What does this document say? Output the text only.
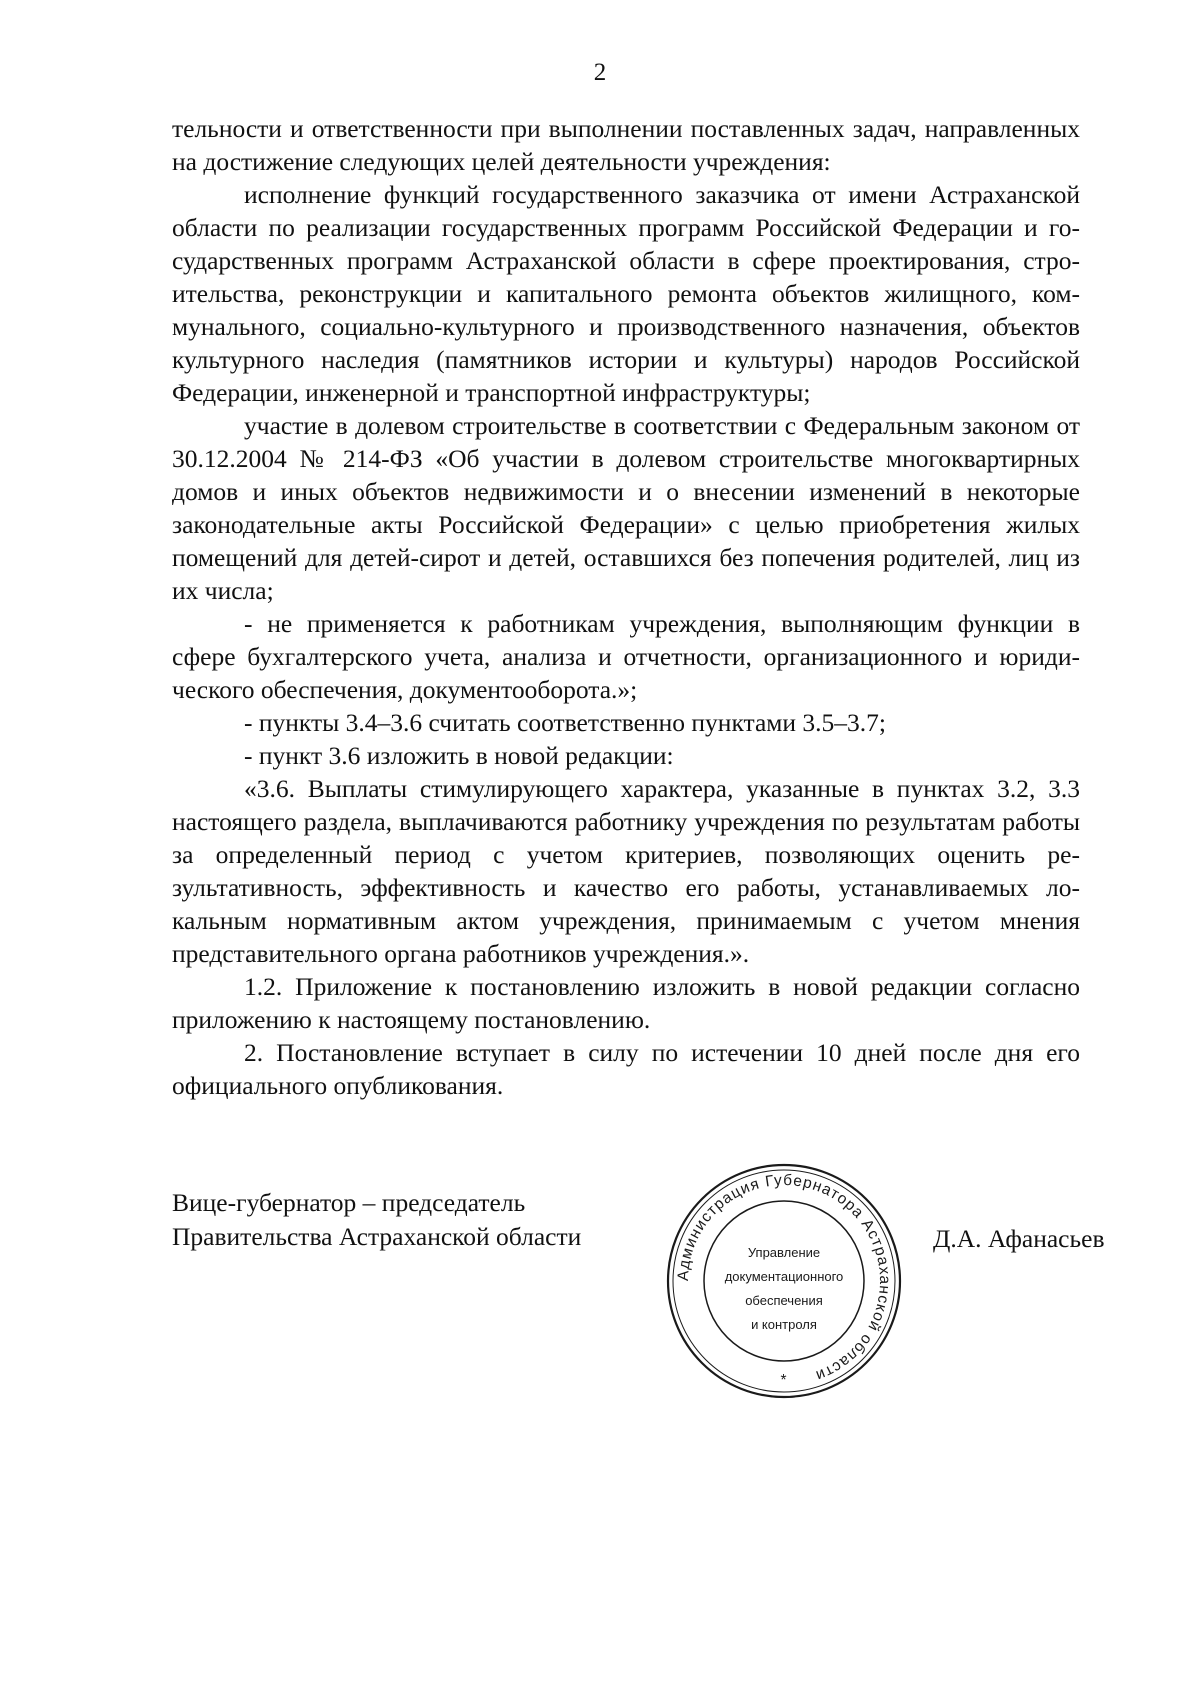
2

тельности и ответственности при выполнении поставленных задач, направленных на достижение следующих целей деятельности учреждения:

исполнение функций государственного заказчика от имени Астраханской области по реализации государственных программ Российской Федерации и государственных программ Астраханской области в сфере проектирования, строительства, реконструкции и капитального ремонта объектов жилищного, коммунального, социально-культурного и производственного назначения, объектов культурного наследия (памятников истории и культуры) народов Российской Федерации, инженерной и транспортной инфраструктуры;

участие в долевом строительстве в соответствии с Федеральным законом от 30.12.2004 № 214-ФЗ «Об участии в долевом строительстве многоквартирных домов и иных объектов недвижимости и о внесении изменений в некоторые законодательные акты Российской Федерации» с целью приобретения жилых помещений для детей-сирот и детей, оставшихся без попечения родителей, лиц из их числа;

- не применяется к работникам учреждения, выполняющим функции в сфере бухгалтерского учета, анализа и отчетности, организационного и юридического обеспечения, документооборота.»;

- пункты 3.4–3.6 считать соответственно пунктами 3.5–3.7;

- пункт 3.6 изложить в новой редакции:

«3.6. Выплаты стимулирующего характера, указанные в пунктах 3.2, 3.3 настоящего раздела, выплачиваются работнику учреждения по результатам работы за определенный период с учетом критериев, позволяющих оценить результативность, эффективность и качество его работы, устанавливаемых локальным нормативным актом учреждения, принимаемым с учетом мнения представительного органа работников учреждения.».

1.2. Приложение к постановлению изложить в новой редакции согласно приложению к настоящему постановлению.

2. Постановление вступает в силу по истечении 10 дней после дня его официального опубликования.

Вице-губернатор – председатель
Правительства Астраханской области
Администрация Губернатора Астраханской области
*
Управление
документационного
обеспечения
и контроля
Д.А. Афанасьев
